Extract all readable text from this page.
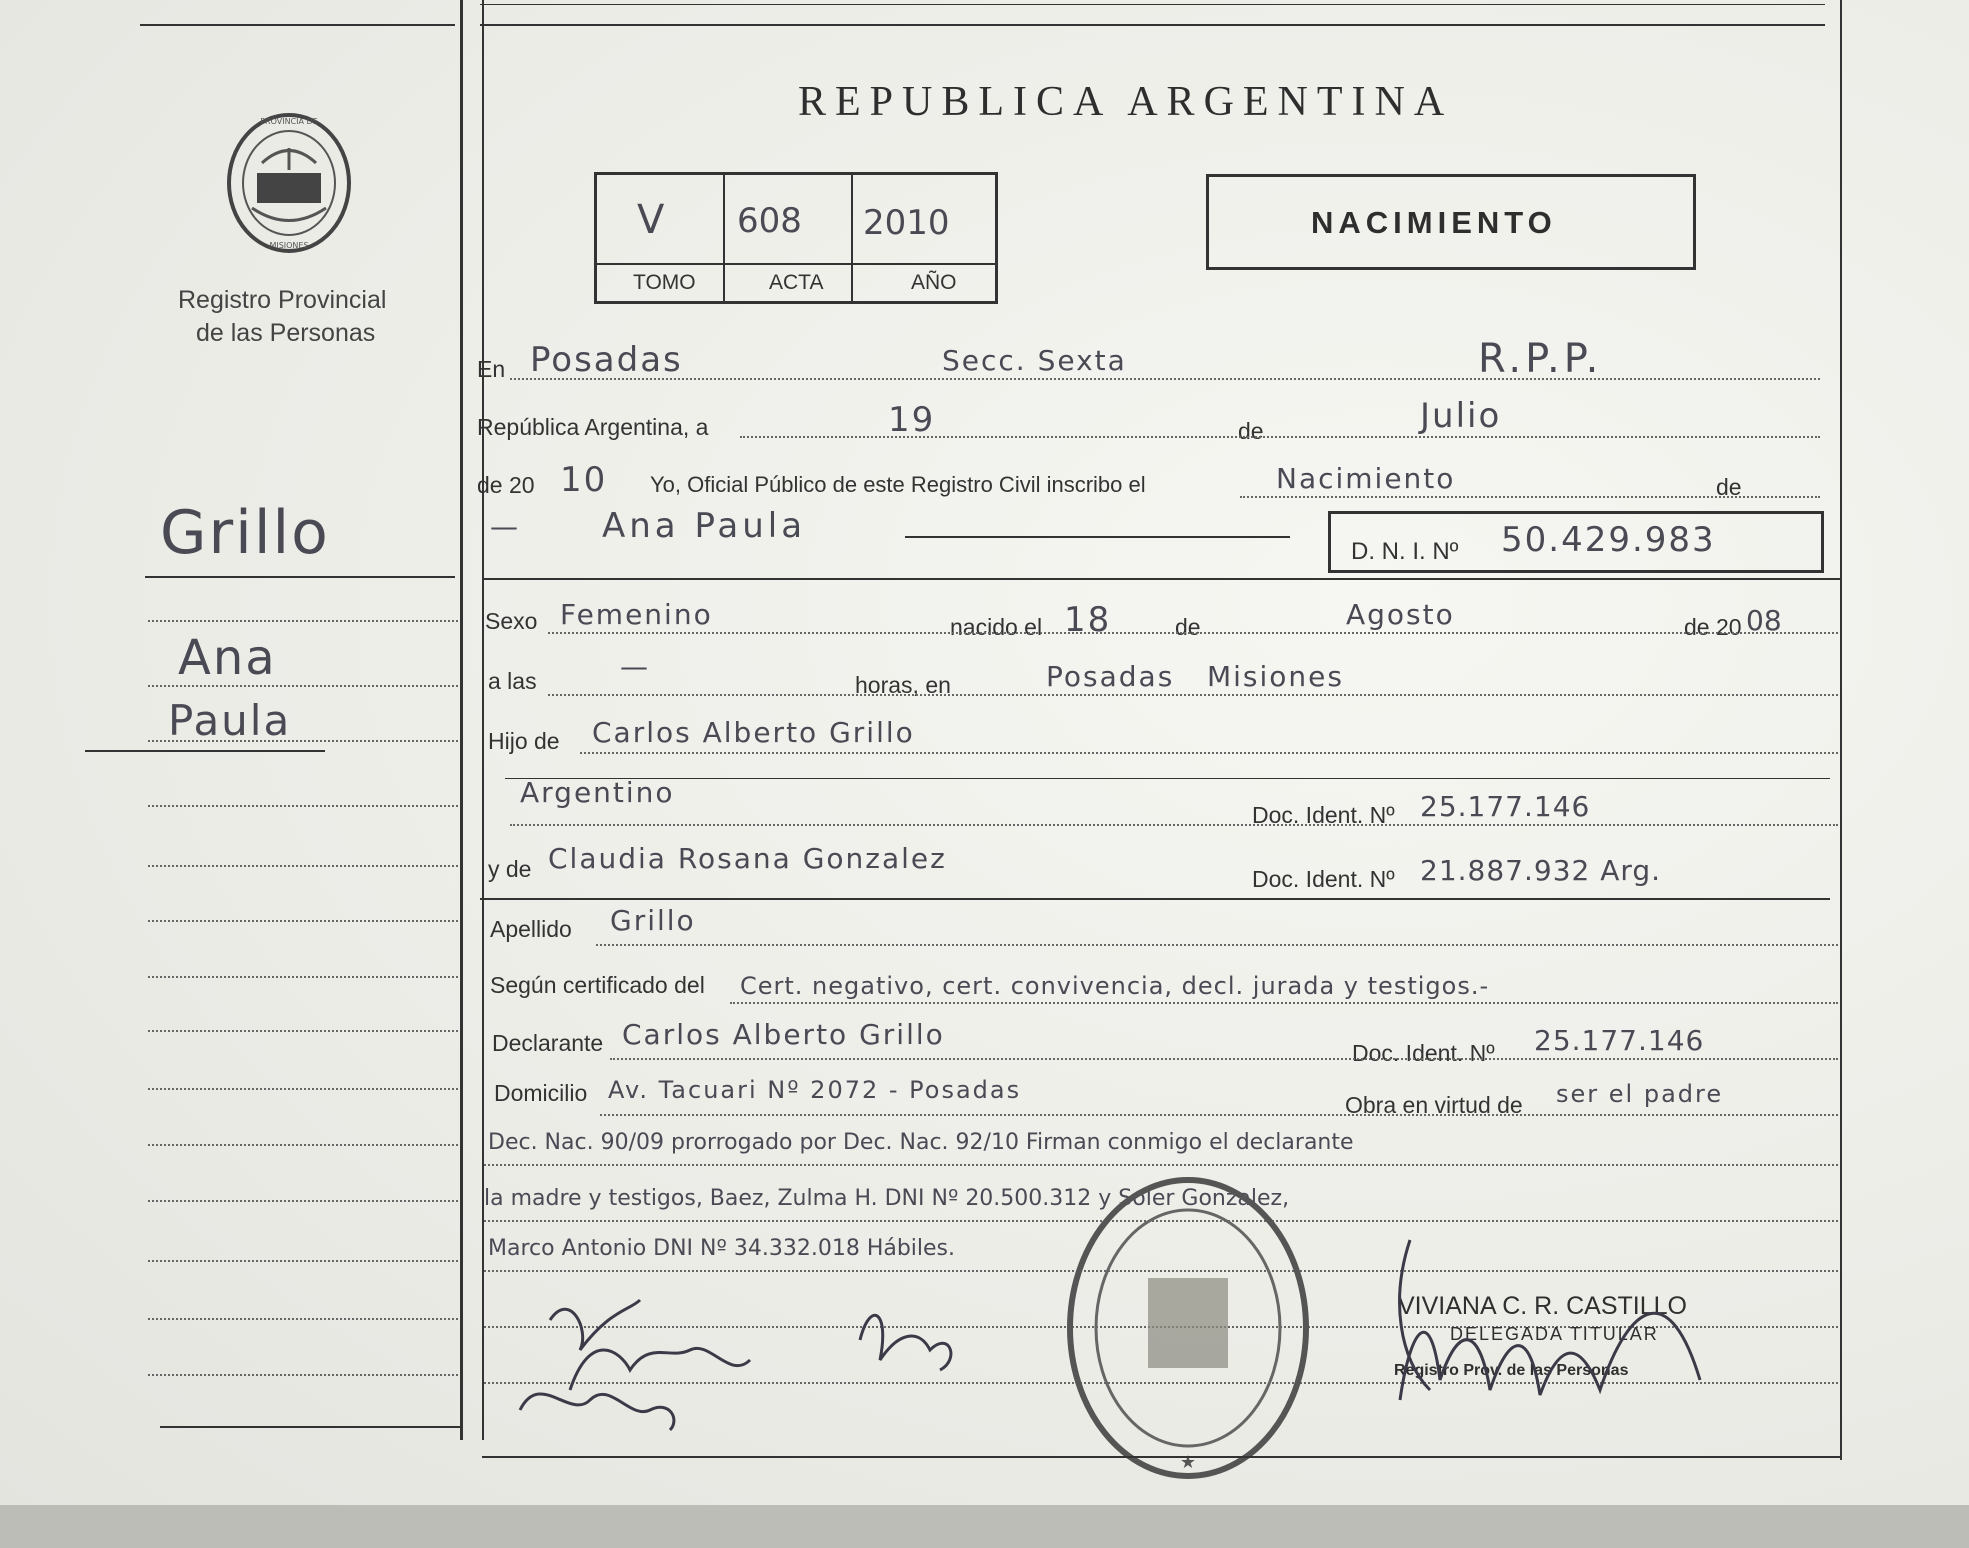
PROVINCIA DE
MISIONES
Registro Provincial
de las Personas
REPUBLICA ARGENTINA
V 608 2010
TOMO	ACTA	AÑO
NACIMIENTO
Grillo
Ana
Paula
En Posadas	Secc. Sexta	R.P.P.
República Argentina, a	19	de	Julio
de 20 10 Yo, Oficial Público de este Registro Civil inscribo el	Nacimiento	de
— Ana Paula
D. N. I. Nº 50.429.983
Sexo Femenino	nacido el 18	de	Agosto	de 20 08
a las	—
horas, en	Posadas   Misiones
Hijo de Carlos Alberto Grillo
Argentino
Doc. Ident. Nº 25.177.146
y de Claudia Rosana Gonzalez
Doc. Ident. Nº 21.887.932 Arg.
Apellido Grillo
Según certificado del Cert. negativo, cert. convivencia, decl. jurada y testigos.-
Declarante Carlos Alberto Grillo
Doc. Ident. Nº 25.177.146
Domicilio Av. Tacuari Nº 2072 - Posadas
Obra en virtud de ser el padre
Dec. Nac. 90/09 prorrogado por Dec. Nac. 92/10 Firman conmigo el declarante
la madre y testigos, Baez, Zulma H. DNI Nº 20.500.312 y Soler Gonzalez,
Marco Antonio DNI Nº 34.332.018 Hábiles.
★
VIVIANA C. R. CASTILLO
DELEGADA TITULAR
Registro Prov. de las Personas
